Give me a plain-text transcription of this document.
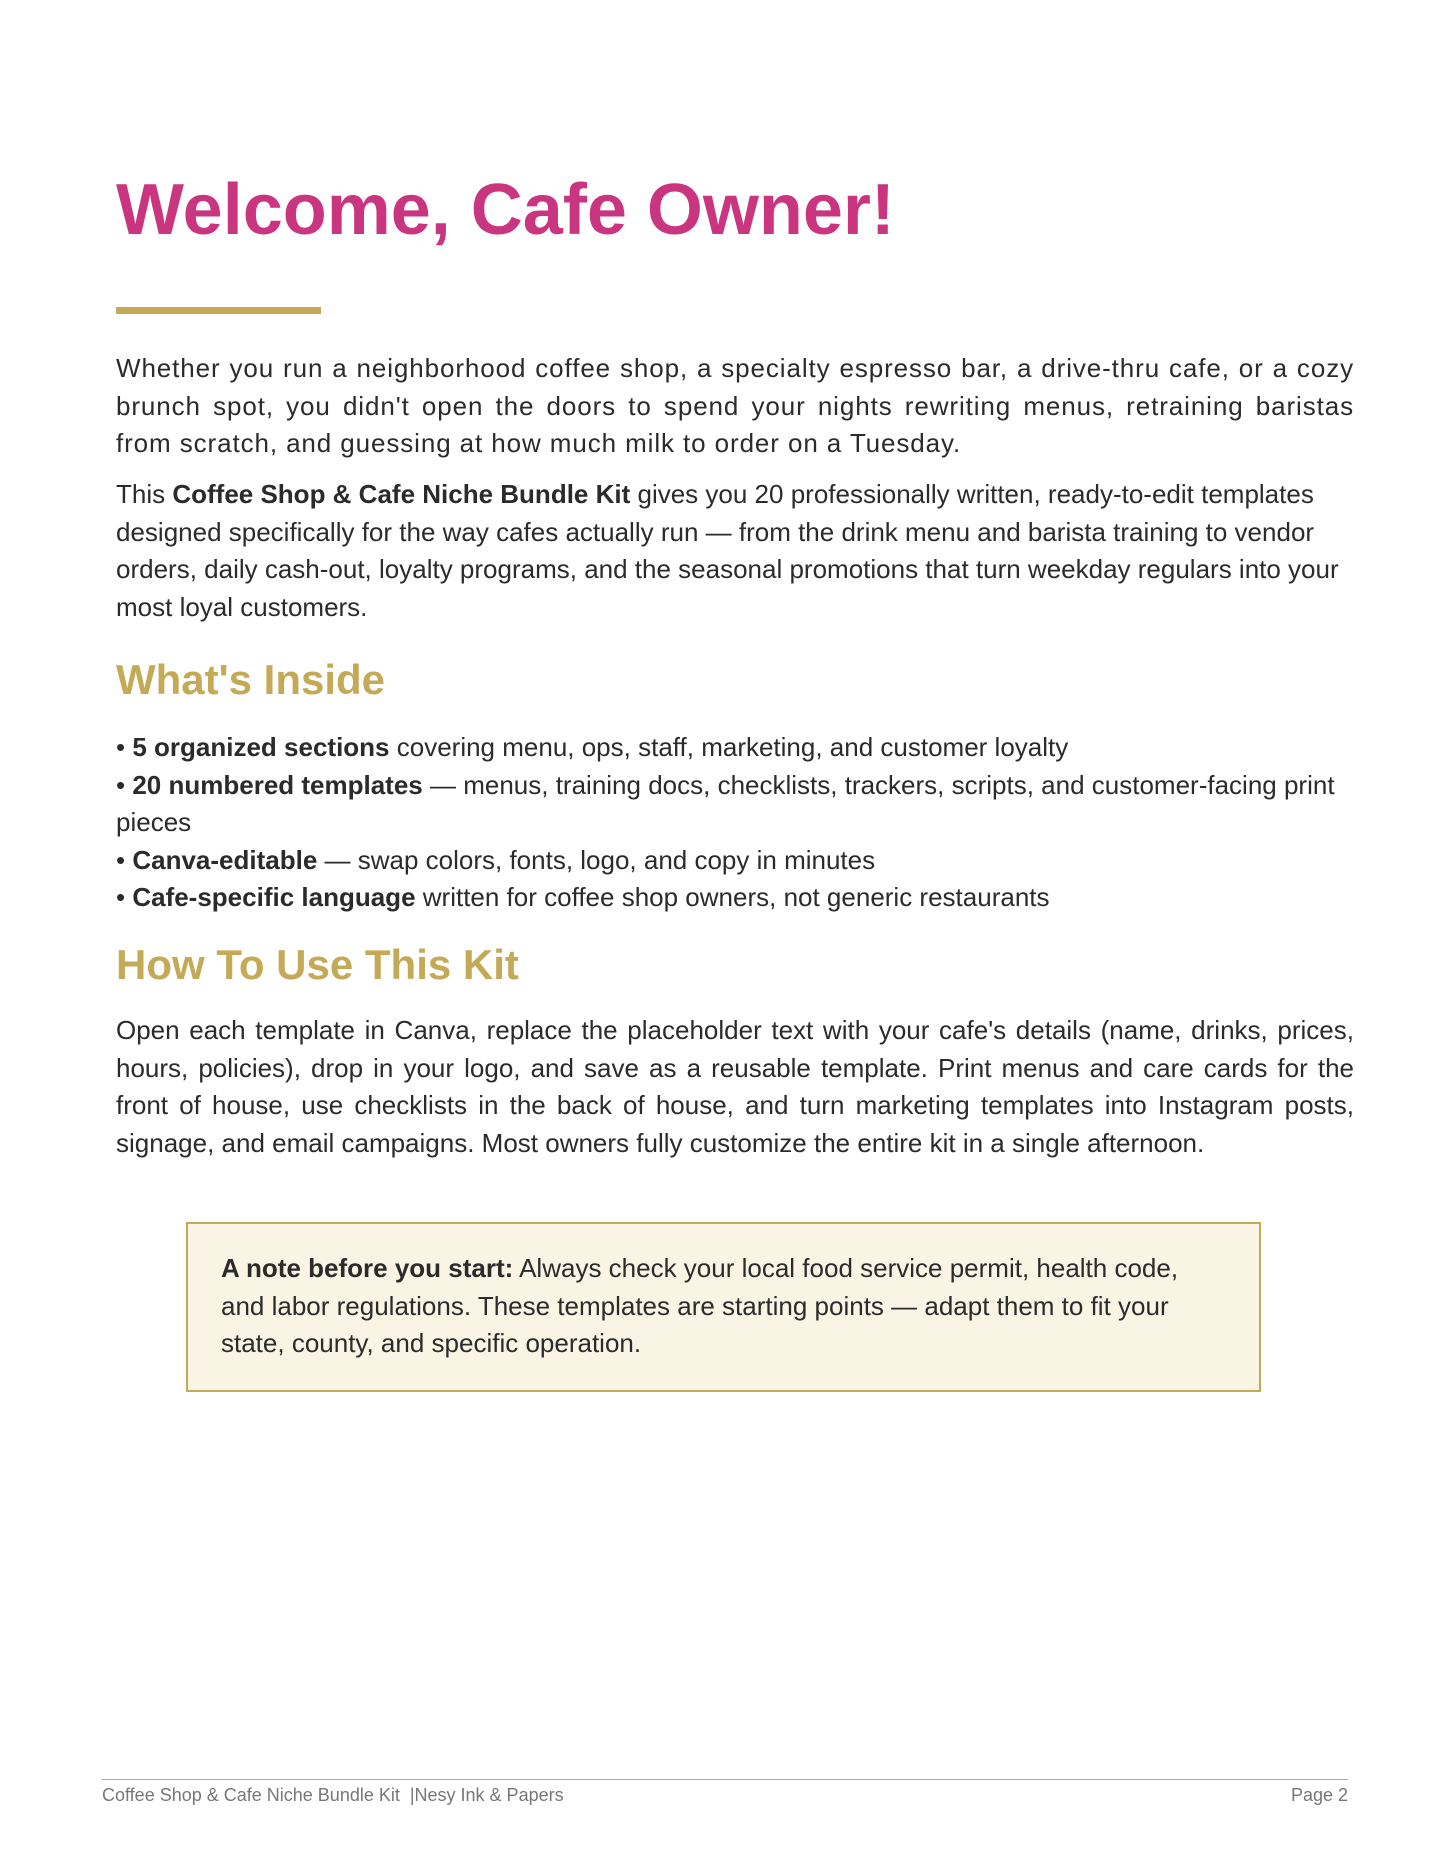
Welcome, Cafe Owner!

Whether you run a neighborhood coffee shop, a specialty espresso bar, a drive-thru cafe, or a cozy brunch spot, you didn't open the doors to spend your nights rewriting menus, retraining baristas from scratch, and guessing at how much milk to order on a Tuesday.

This Coffee Shop & Cafe Niche Bundle Kit gives you 20 professionally written, ready-to-edit templates designed specifically for the way cafes actually run — from the drink menu and barista training to vendor orders, daily cash-out, loyalty programs, and the seasonal promotions that turn weekday regulars into your most loyal customers.

What's Inside
• 5 organized sections covering menu, ops, staff, marketing, and customer loyalty
• 20 numbered templates — menus, training docs, checklists, trackers, scripts, and customer-facing print pieces
• Canva-editable — swap colors, fonts, logo, and copy in minutes
• Cafe-specific language written for coffee shop owners, not generic restaurants
How To Use This Kit

Open each template in Canva, replace the placeholder text with your cafe's details (name, drinks, prices, hours, policies), drop in your logo, and save as a reusable template. Print menus and care cards for the front of house, use checklists in the back of house, and turn marketing templates into Instagram posts, signage, and email campaigns. Most owners fully customize the entire kit in a single afternoon.

A note before you start: Always check your local food service permit, health code, and labor regulations. These templates are starting points — adapt them to fit your state, county, and specific operation.

Coffee Shop & Cafe Niche Bundle Kit  |Nesy Ink & Papers	Page 2
